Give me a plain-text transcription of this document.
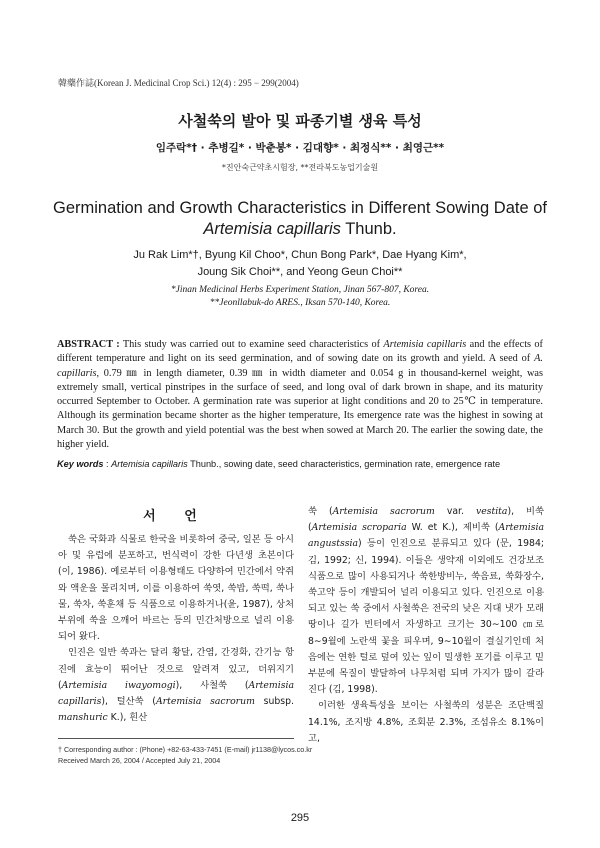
韓藥作誌(Korean J. Medicinal Crop Sci.) 12(4) : 295 − 299(2004)
사철쑥의 발아 및 파종기별 생육 특성
임주락*† · 추병길* · 박춘봉* · 김대향* · 최정식** · 최영근**
*진안숙근약초시험장, **전라북도농업기술원
Germination and Growth Characteristics in Different Sowing Date of
Artemisia capillaris Thunb.
Ju Rak Lim*†, Byung Kil Choo*, Chun Bong Park*, Dae Hyang Kim*,
Joung Sik Choi**, and Yeong Geun Choi**
*Jinan Medicinal Herbs Experiment Station, Jinan 567-807, Korea.
**Jeonllabuk-do ARES., Iksan 570-140, Korea.
ABSTRACT : This study was carried out to examine seed characteristics of Artemisia capillaris and the effects of different temperature and light on its seed germination, and of sowing date on its growth and yield. A seed of A. capillaris, 0.79 ㎜ in length diameter, 0.39 ㎜ in width diameter and 0.054 g in thousand-kernel weight, was extremely small, vertical pinstripes in the surface of seed, and long oval of dark brown in shape, and its maturity occurred September to October. A germination rate was superior at light conditions and 20 to 25℃ in temperature. Although its germination became shorter as the higher temperature, Its emergence rate was the highest in sowing at March 30. But the growth and yield potential was the best when sowed at March 20. The earlier the sowing date, the higher yield.
Key words : Artemisia capillaris Thunb., sowing date, seed characteristics, germination rate, emergence rate
서 언

쑥은 국화과 식물로 한국을 비롯하여 중국, 일본 등 아시아 및 유럽에 분포하고, 번식력이 강한 다년생 초본이다(이, 1986). 예로부터 이용형태도 다양하여 민간에서 약쥐와 액운을 몰리치며, 이를 이용하여 쑥엿, 쑥밥, 쑥떡, 쑥나물, 쑥차, 쑥훈채 등 식품으로 이용하거나(윤, 1987), 상처부위에 쑥을 으깨어 바르는 등의 민간처방으로 널리 이용되어 왔다.

인진은 일반 쑥과는 달리 황달, 간염, 간경화, 간기능 항진에 효능이 뛰어난 것으로 알려져 있고, 더위지기(Artemisia iwayomogi), 사철쑥 (Artemisia capillaris), 털산쑥 (Artemisia sacrorum subsp. manshuric K.), 흰산

쑥 (Artemisia sacrorum var. vestita), 비쑥 (Artemisia scroparia W. et K.), 제비쑥 (Artemisia angustssia) 등이 인진으로 분류되고 있다 (문, 1984; 김, 1992; 신, 1994). 이들은 생약재 이외에도 건강보조식품으로 많이 사용되거나 쑥한방비누, 쑥음료, 쑥화장수, 쑥고약 등이 개발되어 널리 이용되고 있다. 인진으로 이용되고 있는 쑥 중에서 사철쑥은 전국의 낮은 지대 냇가 모래땅이나 길가 빈터에서 자생하고 크기는 30∼100 ㎝로 8∼9월에 노란색 꽃을 피우며, 9∼10월이 결실기인데 처음에는 연한 털로 덮여 있는 잎이 밀생한 포기를 이루고 밑부분에 목질이 발달하여 나무처럼 되며 가지가 많이 갈라진다 (김, 1998).

이러한 생육특성을 보이는 사철쑥의 성분은 조단백질 14.1%, 조지방 4.8%, 조회분 2.3%, 조섬유소 8.1%이고,

† Corresponding author : (Phone) +82-63-433-7451 (E-mail) jr1138@lycos.co.kr
Received March 26, 2004 / Accepted July 21, 2004
295
